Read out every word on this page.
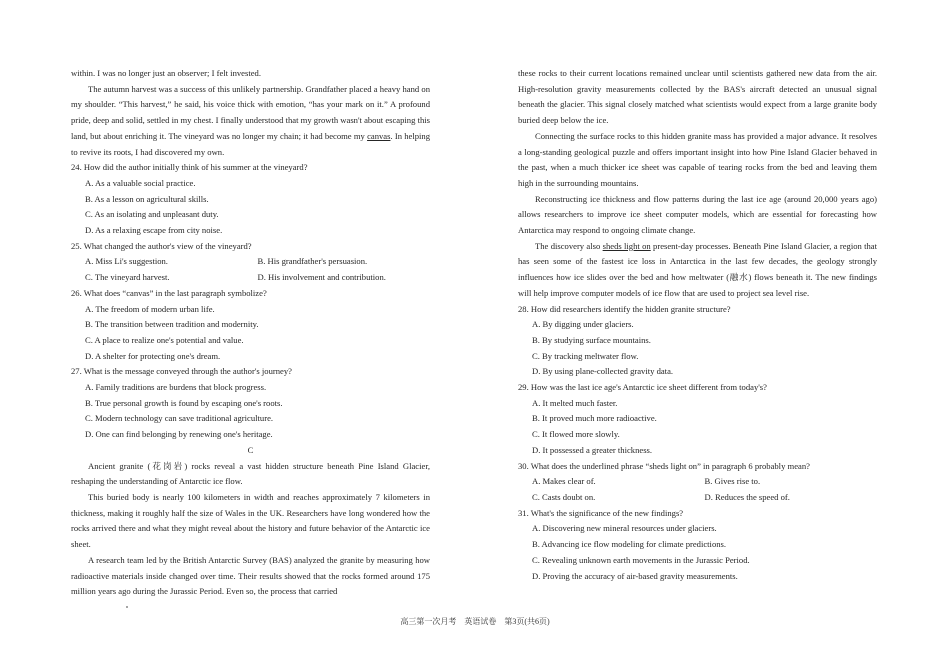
within. I was no longer just an observer; I felt invested.

The autumn harvest was a success of this unlikely partnership. Grandfather placed a heavy hand on my shoulder. “This harvest,” he said, his voice thick with emotion, “has your mark on it.” A profound pride, deep and solid, settled in my chest. I finally understood that my growth wasn't about escaping this land, but about enriching it. The vineyard was no longer my chain; it had become my canvas. In helping to revive its roots, I had discovered my own.

24. How did the author initially think of his summer at the vineyard?

A. As a valuable social practice.

B. As a lesson on agricultural skills.

C. As an isolating and unpleasant duty.

D. As a relaxing escape from city noise.

25. What changed the author's view of the vineyard?

A. Miss Li's suggestion.	B. His grandfather's persuasion.
C. The vineyard harvest.	D. His involvement and contribution.

26. What does “canvas” in the last paragraph symbolize?

A. The freedom of modern urban life.

B. The transition between tradition and modernity.

C. A place to realize one's potential and value.

D. A shelter for protecting one's dream.

27. What is the message conveyed through the author's journey?

A. Family traditions are burdens that block progress.

B. True personal growth is found by escaping one's roots.

C. Modern technology can save traditional agriculture.

D. One can find belonging by renewing one's heritage.

C

Ancient granite (花岗岩) rocks reveal a vast hidden structure beneath Pine Island Glacier, reshaping the understanding of Antarctic ice flow.

This buried body is nearly 100 kilometers in width and reaches approximately 7 kilometers in thickness, making it roughly half the size of Wales in the UK. Researchers have long wondered how the rocks arrived there and what they might reveal about the history and future behavior of the Antarctic ice sheet.

A research team led by the British Antarctic Survey (BAS) analyzed the granite by measuring how radioactive materials inside changed over time. Their results showed that the rocks formed around 175 million years ago during the Jurassic Period. Even so, the process that carried

these rocks to their current locations remained unclear until scientists gathered new data from the air. High-resolution gravity measurements collected by the BAS's aircraft detected an unusual signal beneath the glacier. This signal closely matched what scientists would expect from a large granite body buried deep below the ice.

Connecting the surface rocks to this hidden granite mass has provided a major advance. It resolves a long-standing geological puzzle and offers important insight into how Pine Island Glacier behaved in the past, when a much thicker ice sheet was capable of tearing rocks from the bed and leaving them high in the surrounding mountains.

Reconstructing ice thickness and flow patterns during the last ice age (around 20,000 years ago) allows researchers to improve ice sheet computer models, which are essential for forecasting how Antarctica may respond to ongoing climate change.

The discovery also sheds light on present-day processes. Beneath Pine Island Glacier, a region that has seen some of the fastest ice loss in Antarctica in the last few decades, the geology strongly influences how ice slides over the bed and how meltwater (融水) flows beneath it. The new findings will help improve computer models of ice flow that are used to project sea level rise.

28. How did researchers identify the hidden granite structure?

A. By digging under glaciers.

B. By studying surface mountains.

C. By tracking meltwater flow.

D. By using plane-collected gravity data.

29. How was the last ice age's Antarctic ice sheet different from today's?

A. It melted much faster.

B. It proved much more radioactive.

C. It flowed more slowly.

D. It possessed a greater thickness.

30. What does the underlined phrase “sheds light on” in paragraph 6 probably mean?

A. Makes clear of.	B. Gives rise to.
C. Casts doubt on.	D. Reduces the speed of.

31. What's the significance of the new findings?

A. Discovering new mineral resources under glaciers.

B. Advancing ice flow modeling for climate predictions.

C. Revealing unknown earth movements in the Jurassic Period.

D. Proving the accuracy of air-based gravity measurements.

高三第一次月考　英语试卷　第3页(共6页)
